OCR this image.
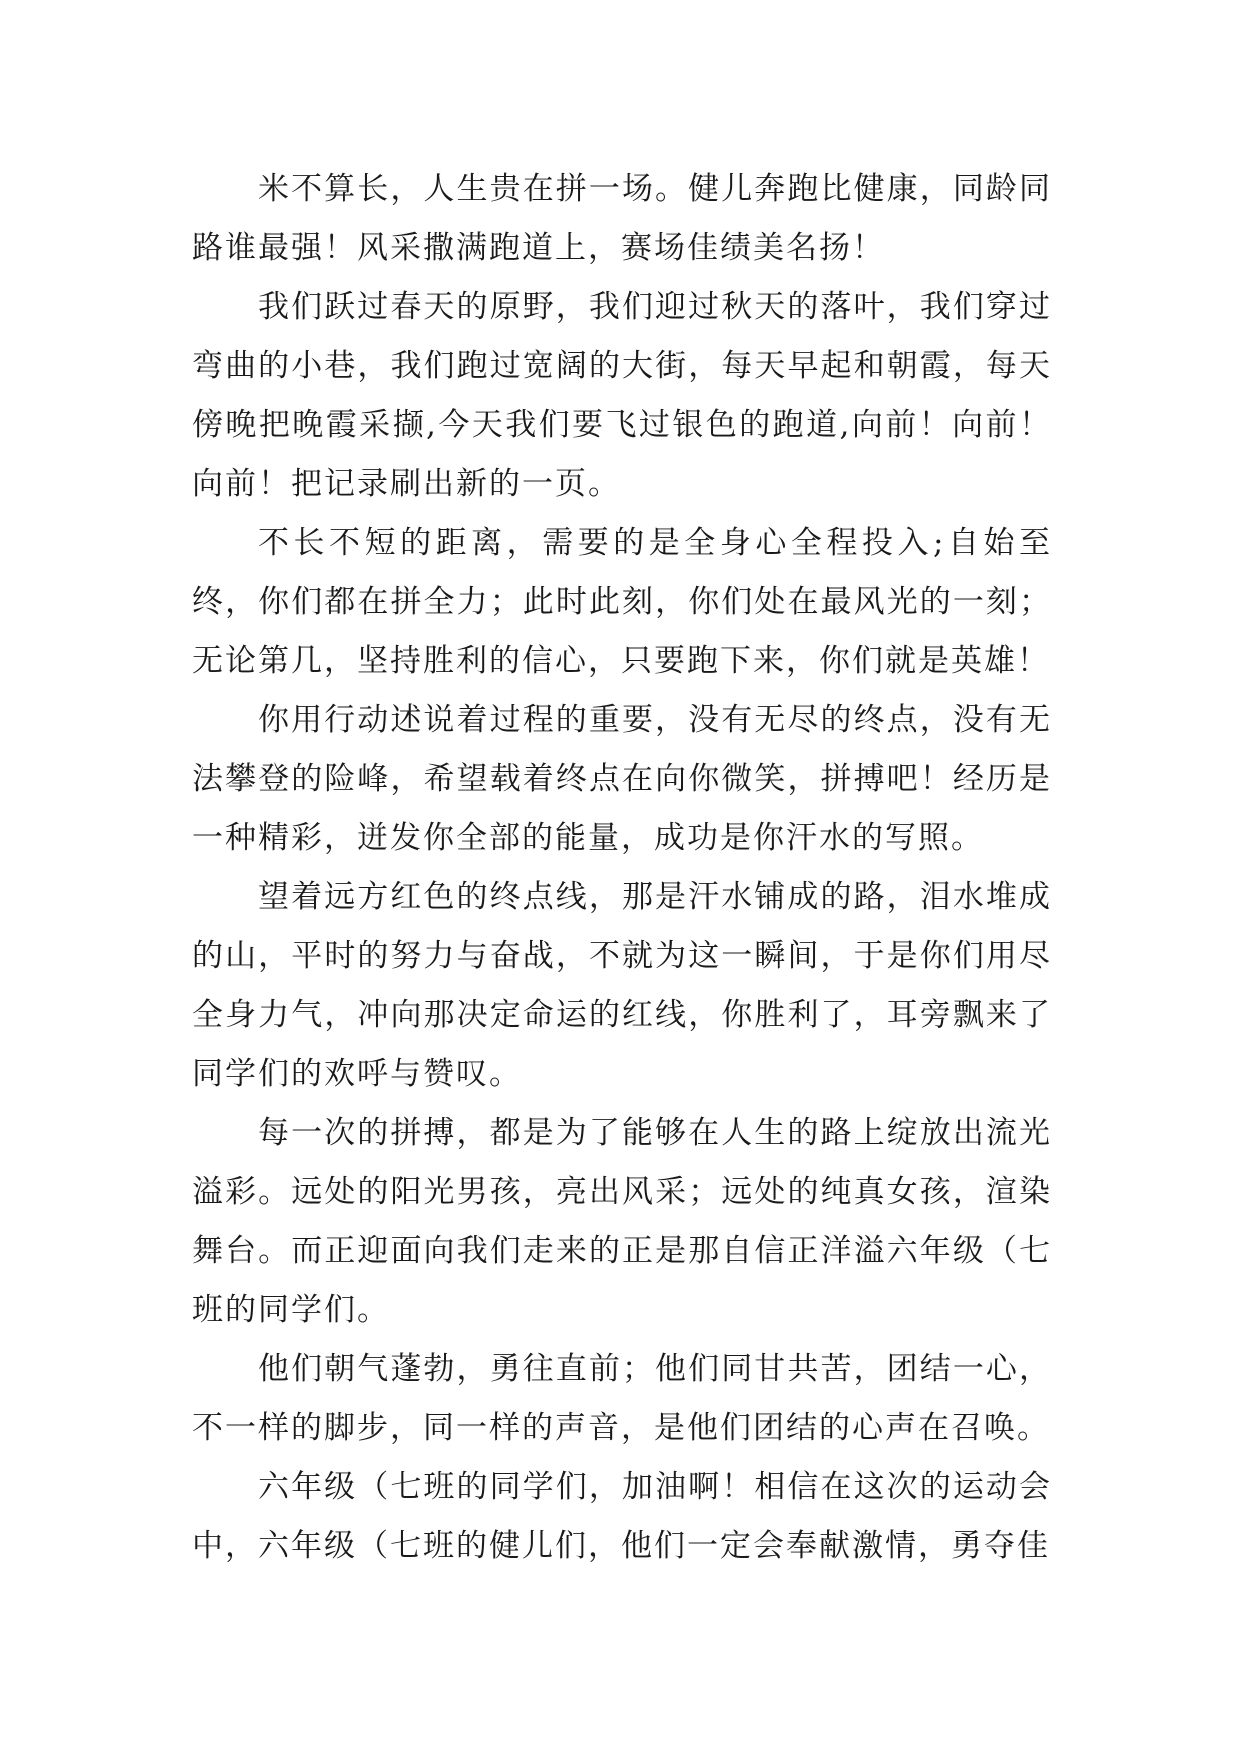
米不算长，人生贵在拼一场。健儿奔跑比健康，同龄同路谁最强！风采撒满跑道上，赛场佳绩美名扬！

我们跃过春天的原野，我们迎过秋天的落叶，我们穿过弯曲的小巷，我们跑过宽阔的大街，每天早起和朝霞，每天傍晚把晚霞采撷,今天我们要飞过银色的跑道,向前！向前！向前！把记录刷出新的一页。

不长不短的距离，需要的是全身心全程投入;自始至终，你们都在拼全力；此时此刻，你们处在最风光的一刻；无论第几，坚持胜利的信心，只要跑下来，你们就是英雄！

你用行动述说着过程的重要，没有无尽的终点，没有无法攀登的险峰，希望载着终点在向你微笑，拼搏吧！经历是一种精彩，迸发你全部的能量，成功是你汗水的写照。

望着远方红色的终点线，那是汗水铺成的路，泪水堆成的山，平时的努力与奋战，不就为这一瞬间，于是你们用尽全身力气，冲向那决定命运的红线，你胜利了，耳旁飘来了同学们的欢呼与赞叹。

每一次的拼搏，都是为了能够在人生的路上绽放出流光溢彩。远处的阳光男孩，亮出风采；远处的纯真女孩，渲染舞台。而正迎面向我们走来的正是那自信正洋溢六年级（七班的同学们。

他们朝气蓬勃，勇往直前；他们同甘共苦，团结一心，不一样的脚步，同一样的声音，是他们团结的心声在召唤。

六年级（七班的同学们，加油啊！相信在这次的运动会中，六年级（七班的健儿们，他们一定会奉献激情，勇夺佳
